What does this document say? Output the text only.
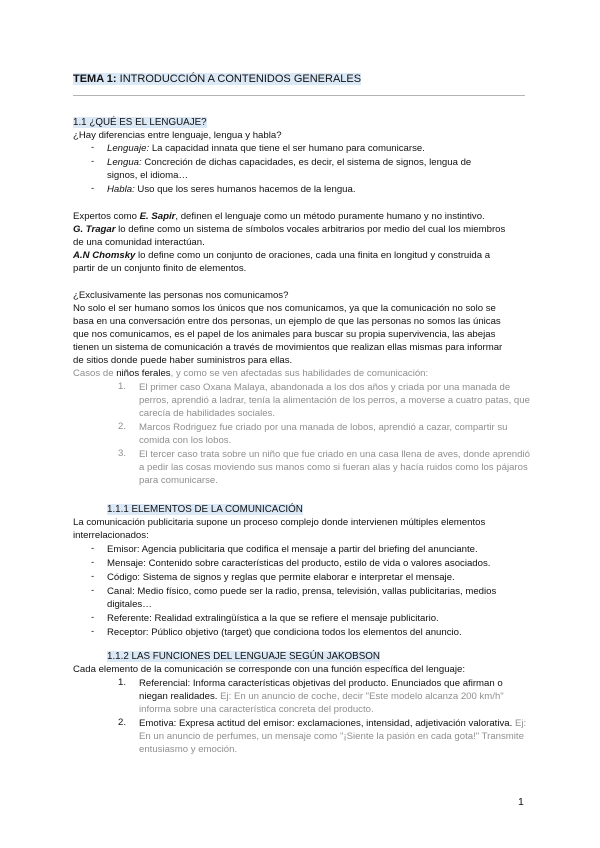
TEMA 1: INTRODUCCIÓN A CONTENIDOS GENERALES
1.1 ¿QUÉ ES EL LENGUAJE?
¿Hay diferencias entre lenguaje, lengua y habla?
- Lenguaje: La capacidad innata que tiene el ser humano para comunicarse.
- Lengua: Concreción de dichas capacidades, es decir, el sistema de signos, lengua de
signos, el idioma…
- Habla: Uso que los seres humanos hacemos de la lengua.
Expertos como E. Sapir, definen el lenguaje como un método puramente humano y no instintivo.
G. Tragar lo define como un sistema de símbolos vocales arbitrarios por medio del cual los miembros
de una comunidad interactúan.
A.N Chomsky lo define como un conjunto de oraciones, cada una finita en longitud y construida a
partir de un conjunto finito de elementos.
¿Exclusivamente las personas nos comunicamos?
No solo el ser humano somos los únicos que nos comunicamos, ya que la comunicación no solo se
basa en una conversación entre dos personas, un ejemplo de que las personas no somos las únicas
que nos comunicamos, es el papel de los animales para buscar su propia supervivencia, las abejas
tienen un sistema de comunicación a través de movimientos que realizan ellas mismas para informar
de sitios donde puede haber suministros para ellas.
Casos de niños ferales, y como se ven afectadas sus habilidades de comunicación:
1. El primer caso Oxana Malaya, abandonada a los dos años y criada por una manada de
perros, aprendió a ladrar, tenía la alimentación de los perros, a moverse a cuatro patas, que
carecía de habilidades sociales.
2. Marcos Rodriguez fue criado por una manada de lobos, aprendió a cazar, compartir su
comida con los lobos.
3. El tercer caso trata sobre un niño que fue criado en una casa llena de aves, donde aprendió
a pedir las cosas moviendo sus manos como si fueran alas y hacía ruidos como los pájaros
para comunicarse.
1.1.1 ELEMENTOS DE LA COMUNICACIÓN
La comunicación publicitaria supone un proceso complejo donde intervienen múltiples elementos
interrelacionados:
- Emisor: Agencia publicitaria que codifica el mensaje a partir del briefing del anunciante.
- Mensaje: Contenido sobre características del producto, estilo de vida o valores asociados.
- Código: Sistema de signos y reglas que permite elaborar e interpretar el mensaje.
- Canal: Medio físico, como puede ser la radio, prensa, televisión, vallas publicitarias, medios
digitales…
- Referente: Realidad extralingüística a la que se refiere el mensaje publicitario.
- Receptor: Público objetivo (target) que condiciona todos los elementos del anuncio.
1.1.2 LAS FUNCIONES DEL LENGUAJE SEGÚN JAKOBSON
Cada elemento de la comunicación se corresponde con una función específica del lenguaje:
1. Referencial: Informa características objetivas del producto. Enunciados que afirman o
niegan realidades. Ej: En un anuncio de coche, decir "Este modelo alcanza 200 km/h"
informa sobre una característica concreta del producto.
2. Emotiva: Expresa actitud del emisor: exclamaciones, intensidad, adjetivación valorativa. Ej:
En un anuncio de perfumes, un mensaje como "¡Siente la pasión en cada gota!" Transmite
entusiasmo y emoción.
1
